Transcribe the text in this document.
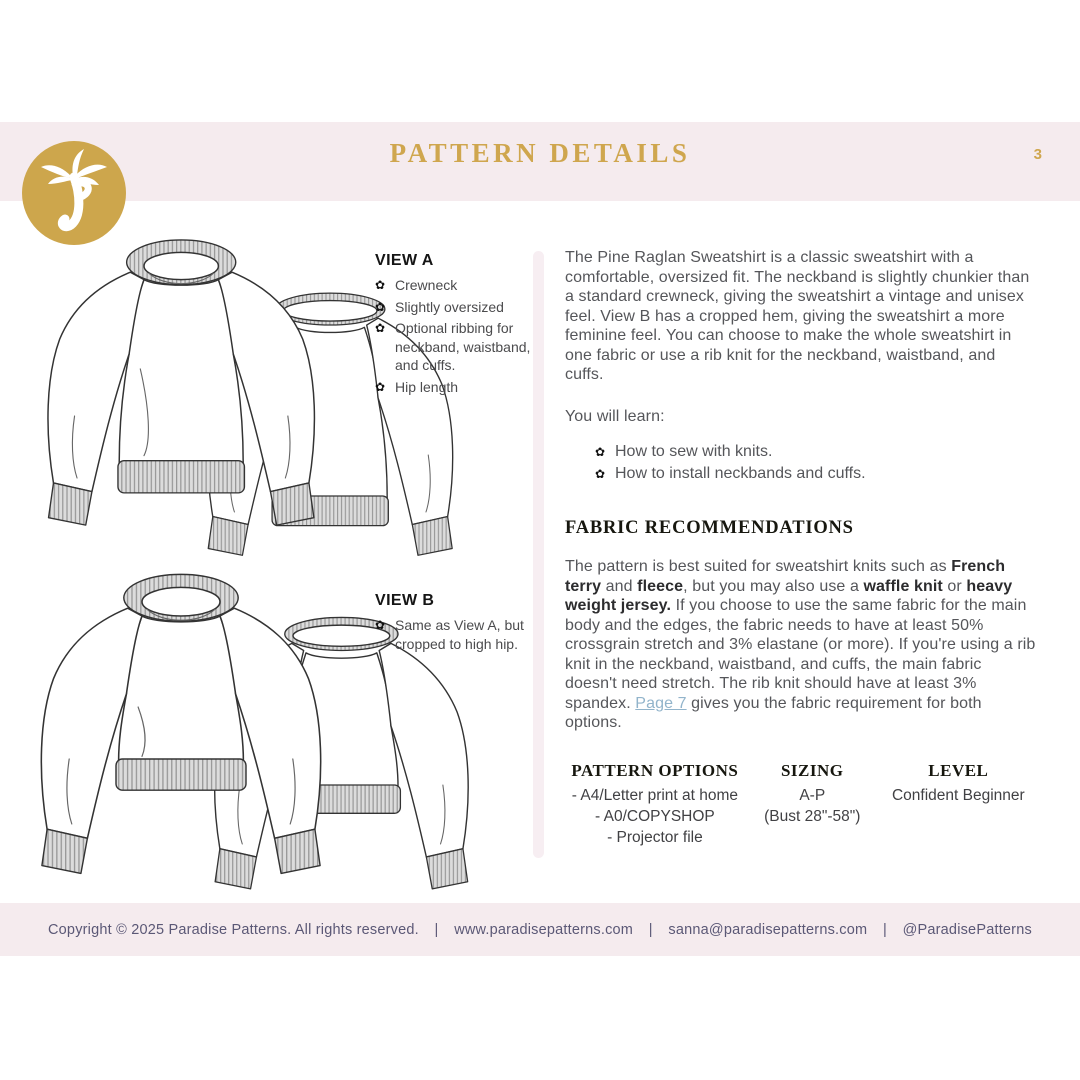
PATTERN DETAILS	3
VIEW A
✿ Crewneck
✿ Slightly oversized
✿ Optional ribbing for neckband, waistband, and cuffs.
✿ Hip length
VIEW B
✿ Same as View A, but cropped to high hip.
The Pine Raglan Sweatshirt is a classic sweatshirt with a comfortable, oversized fit. The neckband is slightly chunkier than a standard crewneck, giving the sweatshirt a vintage and unisex feel. View B has a cropped hem, giving the sweatshirt a more feminine feel. You can choose to make the whole sweatshirt in one fabric or use a rib knit for the neckband, waistband, and cuffs.
You will learn:
✿ How to sew with knits.
✿ How to install neckbands and cuffs.
FABRIC RECOMMENDATIONS
The pattern is best suited for sweatshirt knits such as French terry and fleece, but you may also use a waffle knit or heavy weight jersey. If you choose to use the same fabric for the main body and the edges, the fabric needs to have at least 50% crossgrain stretch and 3% elastane (or more). If you're using a rib knit in the neckband, waistband, and cuffs, the main fabric doesn't need stretch. The rib knit should have at least 3% spandex. Page 7 gives you the fabric requirement for both options.
PATTERN OPTIONS
- A4/Letter print at home
- A0/COPYSHOP
- Projector file
SIZING
A-P
(Bust 28"-58")
LEVEL
Confident Beginner
Copyright © 2025 Paradise Patterns. All rights reserved.	|	www.paradisepatterns.com	|	sanna@paradisepatterns.com	|	@ParadisePatterns
